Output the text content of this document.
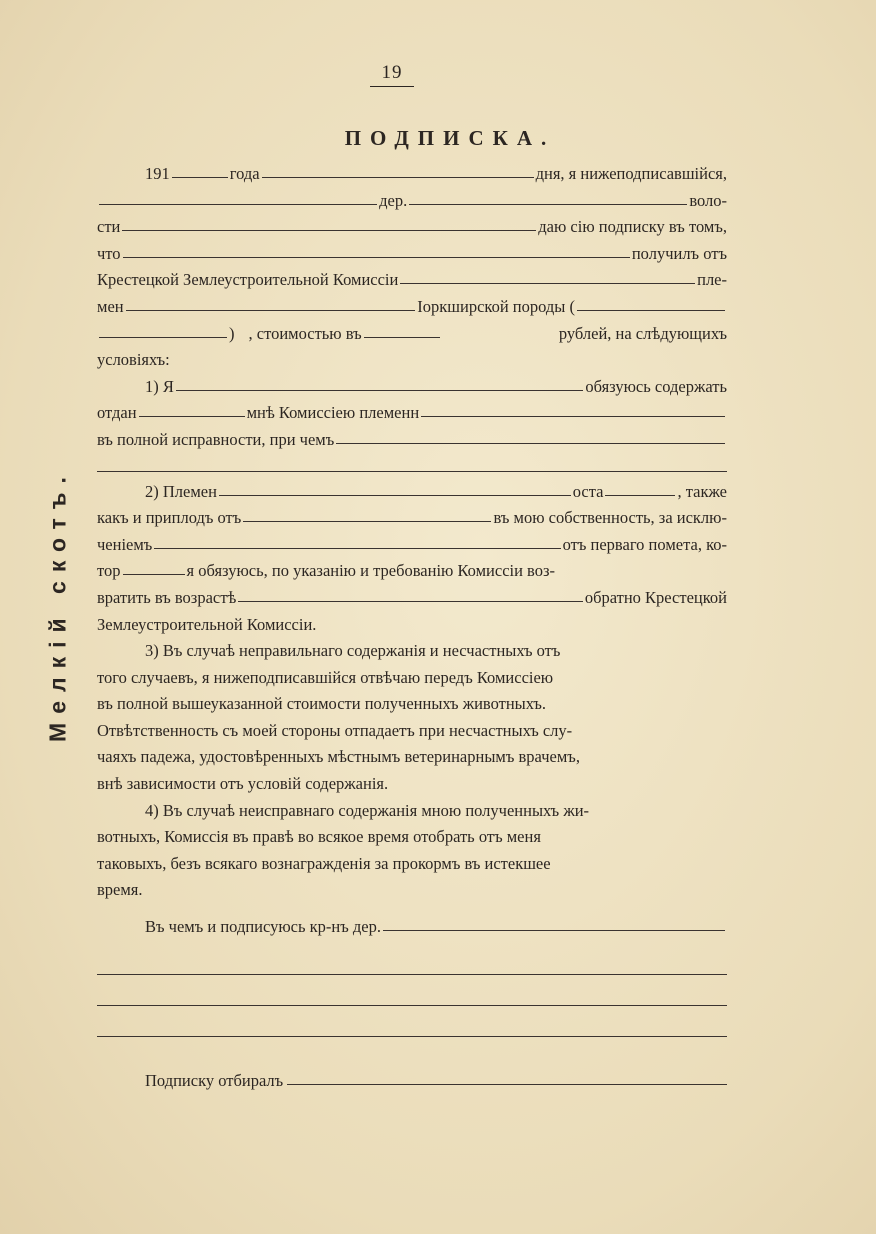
19
Мелкій скотъ.
ПОДПИСКА.
191	года	дня, я нижеподписавшійся,
дер.	воло-
сти	даю сію подписку въ томъ,
что	получилъ отъ
Крестецкой Землеустроительной Комиссіи	пле-
мен	Іоркширской породы (
) , стоимостью въ	рублей, на слѣдующихъ
условіяхъ:
1) Я	обязуюсь содержать
отдан	мнѣ Комиссіею племенн
въ полной исправности, при чемъ
2) Племен	оста	, также
какъ и приплодъ отъ	въ мою собственность, за исклю-
ченіемъ	отъ перваго помета, ко-
тор	я обязуюсь, по указанію и требованію Комиссіи воз-
вратить въ возрастѣ	обратно Крестецкой
Землеустроительной Комиссіи.
3) Въ случаѣ неправильнаго содержанія и несчастныхъ отъ
того случаевъ, я нижеподписавшійся отвѣчаю передъ Комиссіею
въ полной вышеуказанной стоимости полученныхъ животныхъ.
Отвѣтственность съ моей стороны отпадаетъ при несчастныхъ слу-
чаяхъ падежа, удостовѣренныхъ мѣстнымъ ветеринарнымъ врачемъ,
внѣ зависимости отъ условій содержанія.
4) Въ случаѣ неисправнаго содержанія мною полученныхъ жи-
вотныхъ, Комиссія въ правѣ во всякое время отобрать отъ меня
таковыхъ, безъ всякаго вознагражденія за прокормъ въ истекшее
время.
Въ чемъ и подписуюсь кр-нъ дер.
Подписку отбиралъ
